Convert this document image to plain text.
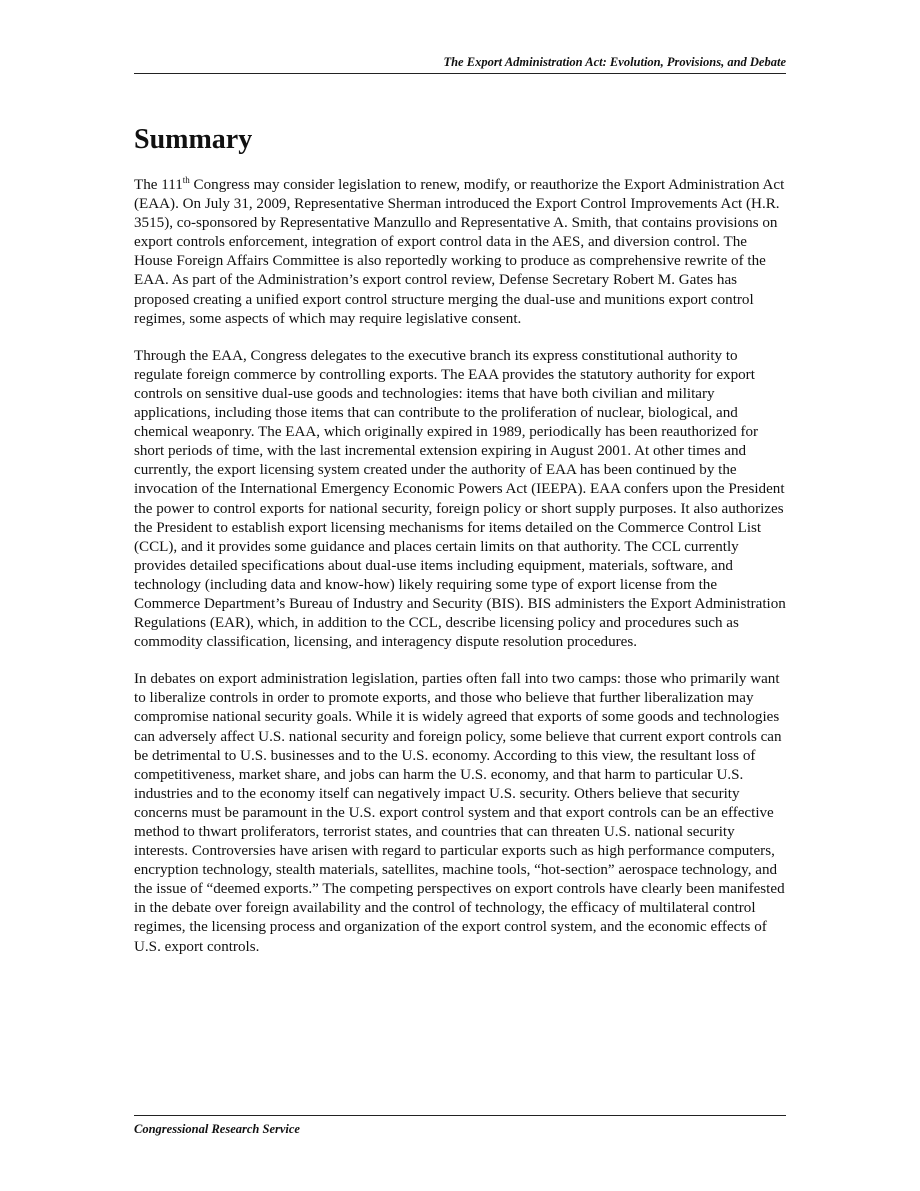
The Export Administration Act: Evolution, Provisions, and Debate
Summary

The 111th Congress may consider legislation to renew, modify, or reauthorize the Export Administration Act (EAA). On July 31, 2009, Representative Sherman introduced the Export Control Improvements Act (H.R. 3515), co-sponsored by Representative Manzullo and Representative A. Smith, that contains provisions on export controls enforcement, integration of export control data in the AES, and diversion control. The House Foreign Affairs Committee is also reportedly working to produce as comprehensive rewrite of the EAA. As part of the Administration’s export control review, Defense Secretary Robert M. Gates has proposed creating a unified export control structure merging the dual-use and munitions export control regimes, some aspects of which may require legislative consent.

Through the EAA, Congress delegates to the executive branch its express constitutional authority to regulate foreign commerce by controlling exports. The EAA provides the statutory authority for export controls on sensitive dual-use goods and technologies: items that have both civilian and military applications, including those items that can contribute to the proliferation of nuclear, biological, and chemical weaponry. The EAA, which originally expired in 1989, periodically has been reauthorized for short periods of time, with the last incremental extension expiring in August 2001. At other times and currently, the export licensing system created under the authority of EAA has been continued by the invocation of the International Emergency Economic Powers Act (IEEPA). EAA confers upon the President the power to control exports for national security, foreign policy or short supply purposes. It also authorizes the President to establish export licensing mechanisms for items detailed on the Commerce Control List (CCL), and it provides some guidance and places certain limits on that authority. The CCL currently provides detailed specifications about dual-use items including equipment, materials, software, and technology (including data and know-how) likely requiring some type of export license from the Commerce Department’s Bureau of Industry and Security (BIS). BIS administers the Export Administration Regulations (EAR), which, in addition to the CCL, describe licensing policy and procedures such as commodity classification, licensing, and interagency dispute resolution procedures.

In debates on export administration legislation, parties often fall into two camps: those who primarily want to liberalize controls in order to promote exports, and those who believe that further liberalization may compromise national security goals. While it is widely agreed that exports of some goods and technologies can adversely affect U.S. national security and foreign policy, some believe that current export controls can be detrimental to U.S. businesses and to the U.S. economy. According to this view, the resultant loss of competitiveness, market share, and jobs can harm the U.S. economy, and that harm to particular U.S. industries and to the economy itself can negatively impact U.S. security. Others believe that security concerns must be paramount in the U.S. export control system and that export controls can be an effective method to thwart proliferators, terrorist states, and countries that can threaten U.S. national security interests. Controversies have arisen with regard to particular exports such as high performance computers, encryption technology, stealth materials, satellites, machine tools, “hot-section” aerospace technology, and the issue of “deemed exports.” The competing perspectives on export controls have clearly been manifested in the debate over foreign availability and the control of technology, the efficacy of multilateral control regimes, the licensing process and organization of the export control system, and the economic effects of U.S. export controls.

Congressional Research Service
